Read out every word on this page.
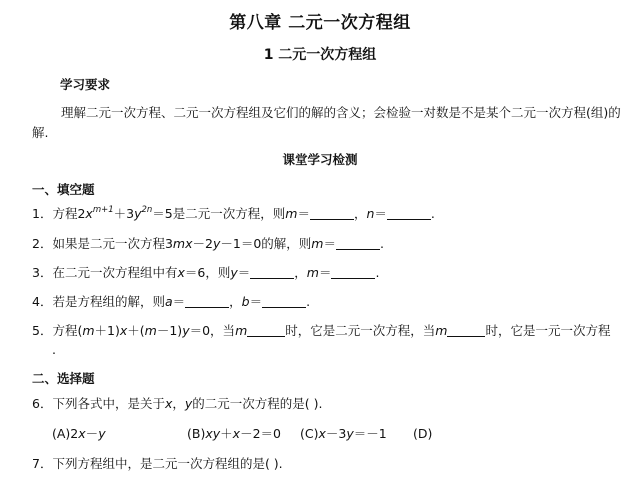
第八章 二元一次方程组
1 二元一次方程组
学习要求
理解二元一次方程、二元一次方程组及它们的解的含义；会检验一对数是不是某个二元一次方程(组)的解.
课堂学习检测
一、填空题
1．方程$2x^{m+1}+3y^{2n}=5$是二元一次方程，则m＝	，n＝	.
2．如果是二元一次方程3mx－2y－1＝0的解，则m＝	.
3．在二元一次方程组中有x＝6，则y＝	，m＝	.
4．若是方程组的解，则a＝	，b＝	.
5．方程(m＋1)x＋(m－1)y＝0，当m	时，它是二元一次方程，当m	时，它是一元一次方程
.
二、选择题
6．下列各式中，是关于x，y的二元一次方程的是( ).
(A)2x－y	(B)xy＋x－2＝0 (C)x－3y＝－1 (D)
7．下列方程组中，是二元一次方程组的是( ).
